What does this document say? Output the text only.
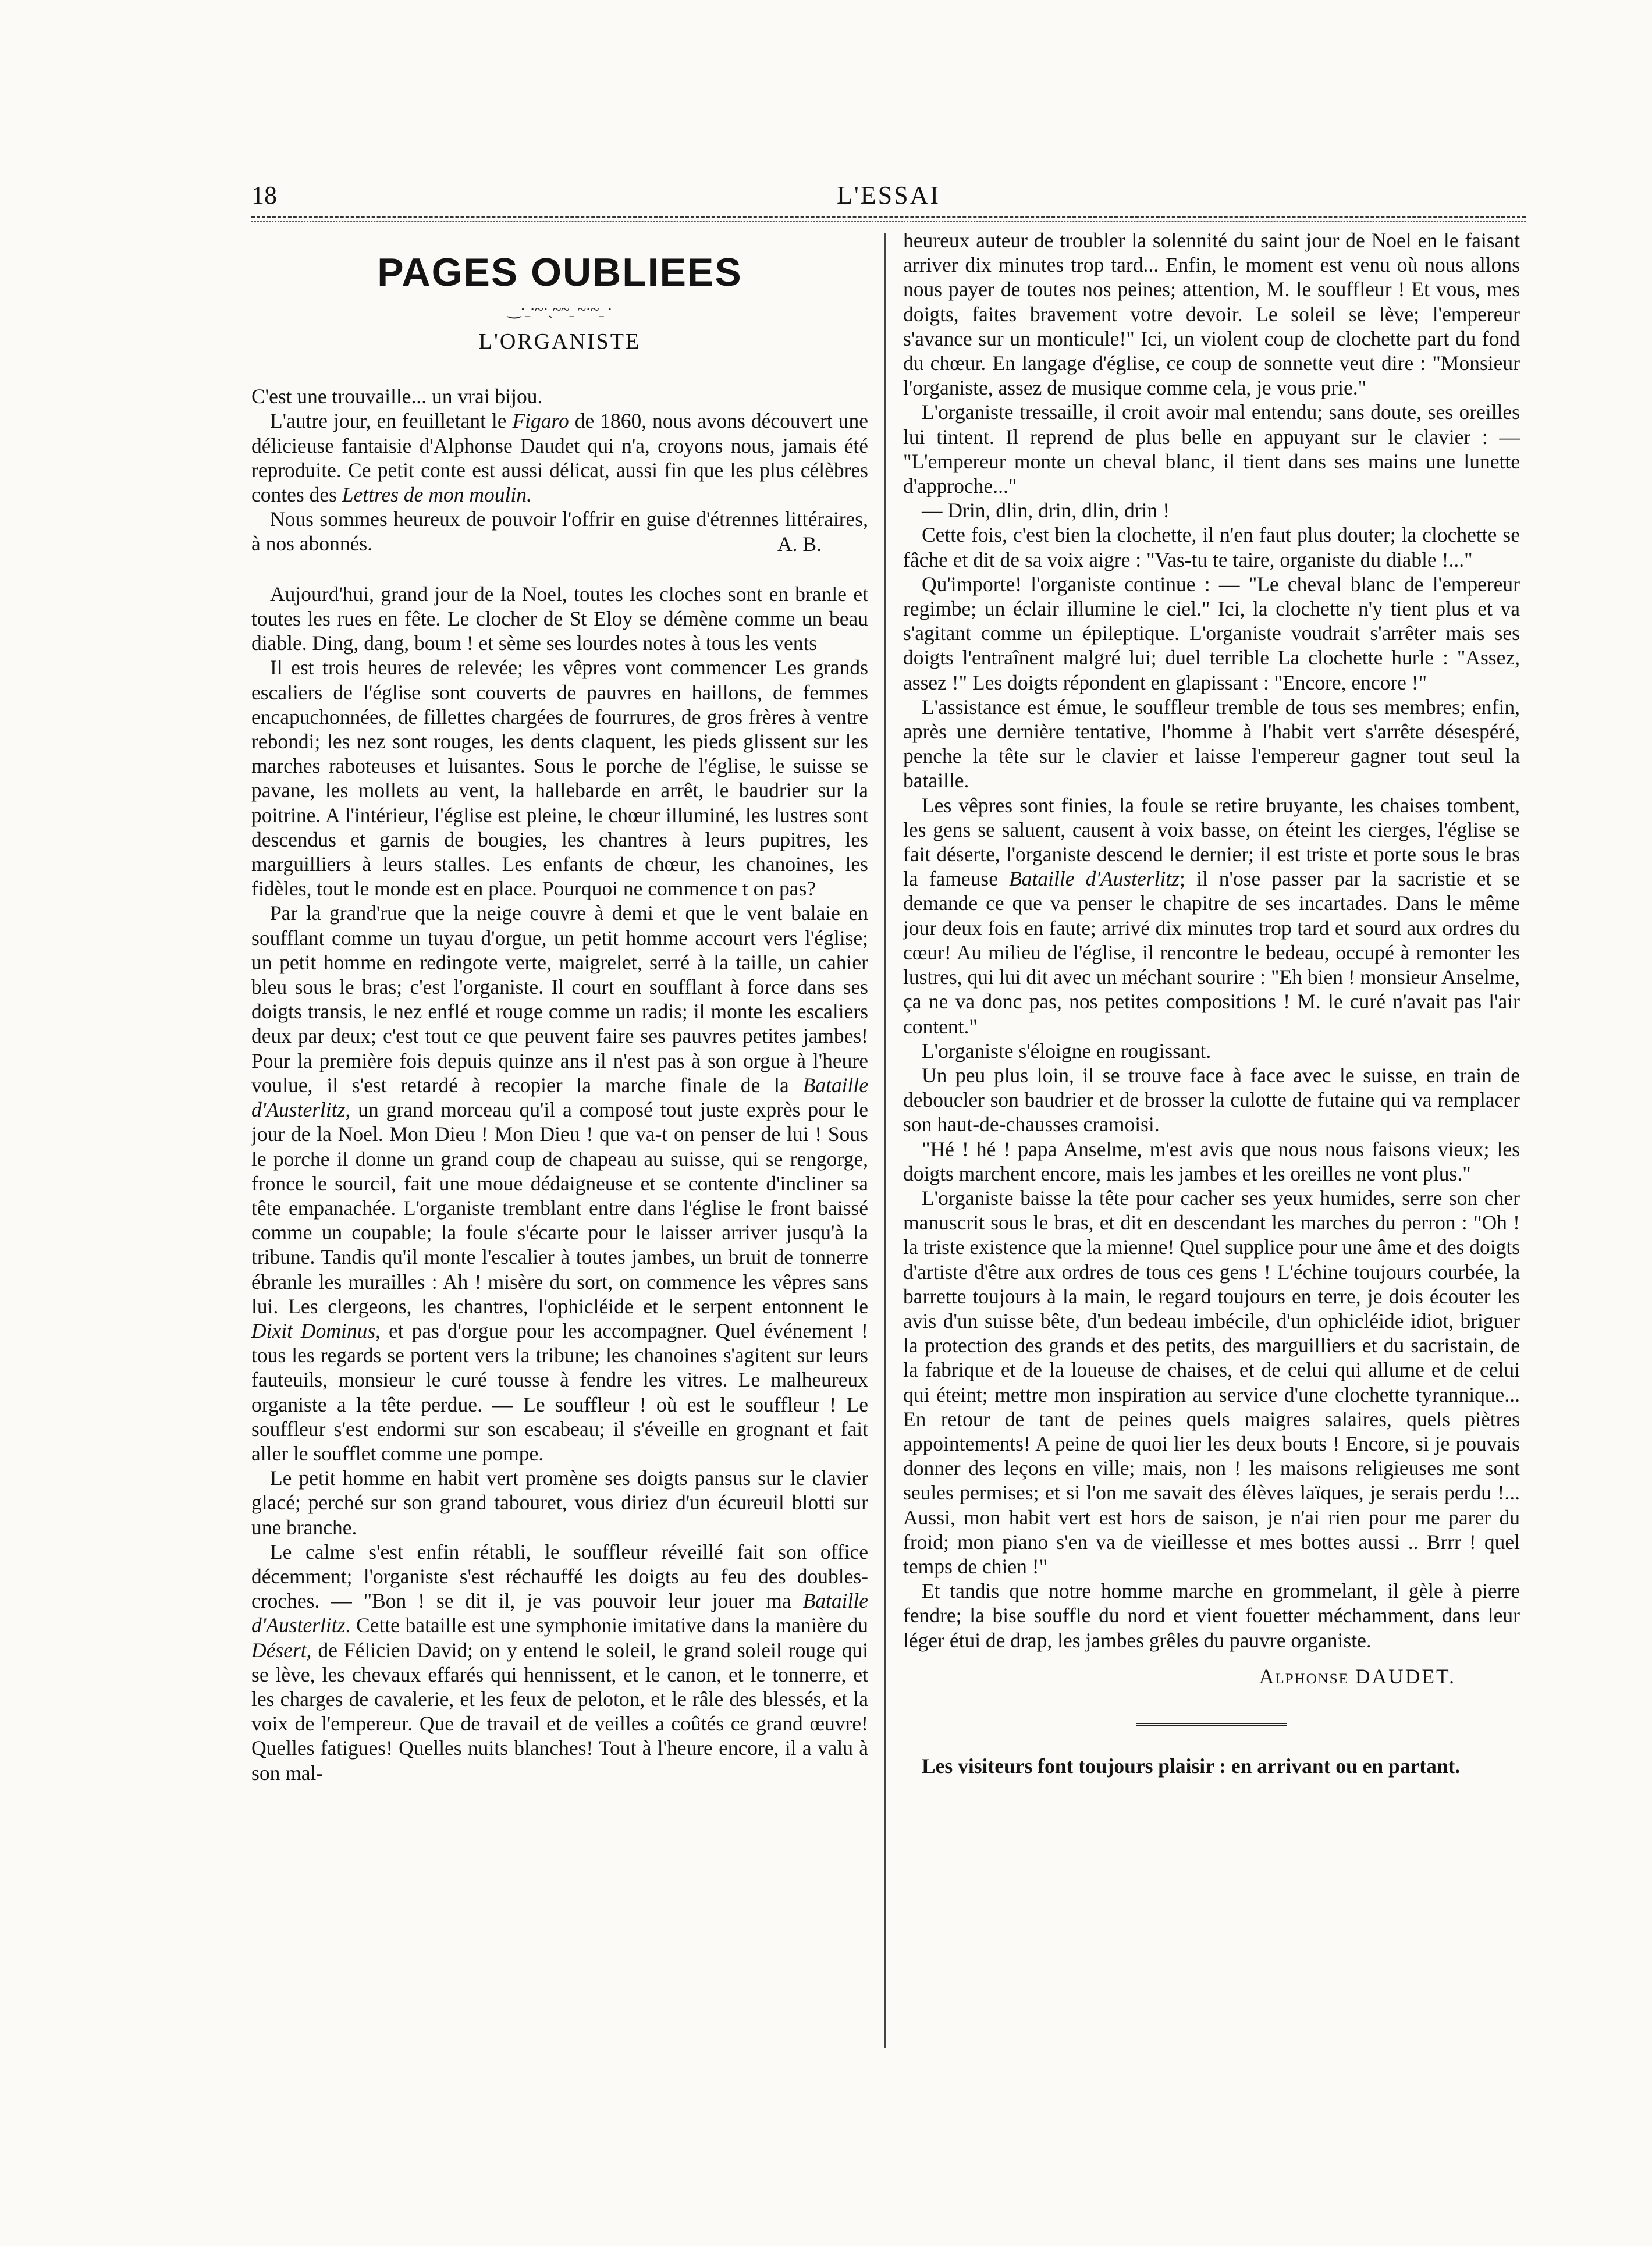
18	L'ESSAI
PAGES OUBLIEES
‿·ˍ·~·ˏ~~ˍ ~·~ˍ ·
L'ORGANISTE

C'est une trouvaille... un vrai bijou.

L'autre jour, en feuilletant le Figaro de 1860, nous avons découvert une délicieuse fantaisie d'Alphonse Daudet qui n'a, croyons nous, jamais été reproduite. Ce petit conte est aussi délicat, aussi fin que les plus célèbres contes des Lettres de mon moulin.

Nous sommes heureux de pouvoir l'offrir en guise d'étrennes littéraires, à nos abonnés.	A. B.

Aujourd'hui, grand jour de la Noel, toutes les cloches sont en branle et toutes les rues en fête. Le clocher de St Eloy se démène comme un beau diable. Ding, dang, boum ! et sème ses lourdes notes à tous les vents

Il est trois heures de relevée; les vêpres vont commencer Les grands escaliers de l'église sont couverts de pauvres en haillons, de femmes encapuchonnées, de fillettes chargées de fourrures, de gros frères à ventre rebondi; les nez sont rouges, les dents claquent, les pieds glissent sur les marches raboteuses et luisantes. Sous le porche de l'église, le suisse se pavane, les mollets au vent, la hallebarde en arrêt, le baudrier sur la poitrine. A l'intérieur, l'église est pleine, le chœur illuminé, les lustres sont descendus et garnis de bougies, les chantres à leurs pupitres, les marguilliers à leurs stalles. Les enfants de chœur, les chanoines, les fidèles, tout le monde est en place. Pourquoi ne commence t on pas?

Par la grand'rue que la neige couvre à demi et que le vent balaie en soufflant comme un tuyau d'orgue, un petit homme accourt vers l'église; un petit homme en redingote verte, maigrelet, serré à la taille, un cahier bleu sous le bras; c'est l'organiste. Il court en soufflant à force dans ses doigts transis, le nez enflé et rouge comme un radis; il monte les escaliers deux par deux; c'est tout ce que peuvent faire ses pauvres petites jambes! Pour la première fois depuis quinze ans il n'est pas à son orgue à l'heure voulue, il s'est retardé à recopier la marche finale de la Bataille d'Austerlitz, un grand morceau qu'il a composé tout juste exprès pour le jour de la Noel. Mon Dieu ! Mon Dieu ! que va-t on penser de lui ! Sous le porche il donne un grand coup de chapeau au suisse, qui se rengorge, fronce le sourcil, fait une moue dédaigneuse et se contente d'incliner sa tête empanachée. L'organiste tremblant entre dans l'église le front baissé comme un coupable; la foule s'écarte pour le laisser arriver jusqu'à la tribune. Tandis qu'il monte l'escalier à toutes jambes, un bruit de tonnerre ébranle les murailles : Ah ! misère du sort, on commence les vêpres sans lui. Les clergeons, les chantres, l'ophicléide et le serpent entonnent le Dixit Dominus, et pas d'orgue pour les accompagner. Quel événement ! tous les regards se portent vers la tribune; les chanoines s'agitent sur leurs fauteuils, monsieur le curé tousse à fendre les vitres. Le malheureux organiste a la tête perdue. — Le souffleur ! où est le souffleur ! Le souffleur s'est endormi sur son escabeau; il s'éveille en grognant et fait aller le soufflet comme une pompe.

Le petit homme en habit vert promène ses doigts pansus sur le clavier glacé; perché sur son grand tabouret, vous diriez d'un écureuil blotti sur une branche.

Le calme s'est enfin rétabli, le souffleur réveillé fait son office décemment; l'organiste s'est réchauffé les doigts au feu des doubles-croches. — "Bon ! se dit il, je vas pouvoir leur jouer ma Bataille d'Austerlitz. Cette bataille est une symphonie imitative dans la manière du Désert, de Félicien David; on y entend le soleil, le grand soleil rouge qui se lève, les chevaux effarés qui hennissent, et le canon, et le tonnerre, et les charges de cavalerie, et les feux de peloton, et le râle des blessés, et la voix de l'empereur. Que de travail et de veilles a coûtés ce grand œuvre! Quelles fatigues! Quelles nuits blanches! Tout à l'heure encore, il a valu à son mal-

heureux auteur de troubler la solennité du saint jour de Noel en le faisant arriver dix minutes trop tard... Enfin, le moment est venu où nous allons nous payer de toutes nos peines; attention, M. le souffleur ! Et vous, mes doigts, faites bravement votre devoir. Le soleil se lève; l'empereur s'avance sur un monticule!" Ici, un violent coup de clochette part du fond du chœur. En langage d'église, ce coup de sonnette veut dire : "Monsieur l'organiste, assez de musique comme cela, je vous prie."

L'organiste tressaille, il croit avoir mal entendu; sans doute, ses oreilles lui tintent. Il reprend de plus belle en appuyant sur le clavier : — "L'empereur monte un cheval blanc, il tient dans ses mains une lunette d'approche..."

— Drin, dlin, drin, dlin, drin !

Cette fois, c'est bien la clochette, il n'en faut plus douter; la clochette se fâche et dit de sa voix aigre : "Vas-tu te taire, organiste du diable !..."

Qu'importe! l'organiste continue : — "Le cheval blanc de l'empereur regimbe; un éclair illumine le ciel." Ici, la clochette n'y tient plus et va s'agitant comme un épileptique. L'organiste voudrait s'arrêter mais ses doigts l'entraînent malgré lui; duel terrible La clochette hurle : "Assez, assez !" Les doigts répondent en glapissant : "Encore, encore !"

L'assistance est émue, le souffleur tremble de tous ses membres; enfin, après une dernière tentative, l'homme à l'habit vert s'arrête désespéré, penche la tête sur le clavier et laisse l'empereur gagner tout seul la bataille.

Les vêpres sont finies, la foule se retire bruyante, les chaises tombent, les gens se saluent, causent à voix basse, on éteint les cierges, l'église se fait déserte, l'organiste descend le dernier; il est triste et porte sous le bras la fameuse Bataille d'Austerlitz; il n'ose passer par la sacristie et se demande ce que va penser le chapitre de ses incartades. Dans le même jour deux fois en faute; arrivé dix minutes trop tard et sourd aux ordres du cœur! Au milieu de l'église, il rencontre le bedeau, occupé à remonter les lustres, qui lui dit avec un méchant sourire : "Eh bien ! monsieur Anselme, ça ne va donc pas, nos petites compositions ! M. le curé n'avait pas l'air content."

L'organiste s'éloigne en rougissant.

Un peu plus loin, il se trouve face à face avec le suisse, en train de deboucler son baudrier et de brosser la culotte de futaine qui va remplacer son haut-de-chausses cramoisi.

"Hé ! hé ! papa Anselme, m'est avis que nous nous faisons vieux; les doigts marchent encore, mais les jambes et les oreilles ne vont plus."

L'organiste baisse la tête pour cacher ses yeux humides, serre son cher manuscrit sous le bras, et dit en descendant les marches du perron : "Oh ! la triste existence que la mienne! Quel supplice pour une âme et des doigts d'artiste d'être aux ordres de tous ces gens ! L'échine toujours courbée, la barrette toujours à la main, le regard toujours en terre, je dois écouter les avis d'un suisse bête, d'un bedeau imbécile, d'un ophicléide idiot, briguer la protection des grands et des petits, des marguilliers et du sacristain, de la fabrique et de la loueuse de chaises, et de celui qui allume et de celui qui éteint; mettre mon inspiration au service d'une clochette tyrannique... En retour de tant de peines quels maigres salaires, quels piètres appointements! A peine de quoi lier les deux bouts ! Encore, si je pouvais donner des leçons en ville; mais, non ! les maisons religieuses me sont seules permises; et si l'on me savait des élèves laïques, je serais perdu !... Aussi, mon habit vert est hors de saison, je n'ai rien pour me parer du froid; mon piano s'en va de vieillesse et mes bottes aussi .. Brrr ! quel temps de chien !"

Et tandis que notre homme marche en grommelant, il gèle à pierre fendre; la bise souffle du nord et vient fouetter méchamment, dans leur léger étui de drap, les jambes grêles du pauvre organiste.

Alphonse DAUDET.

Les visiteurs font toujours plaisir : en arrivant ou en partant.
